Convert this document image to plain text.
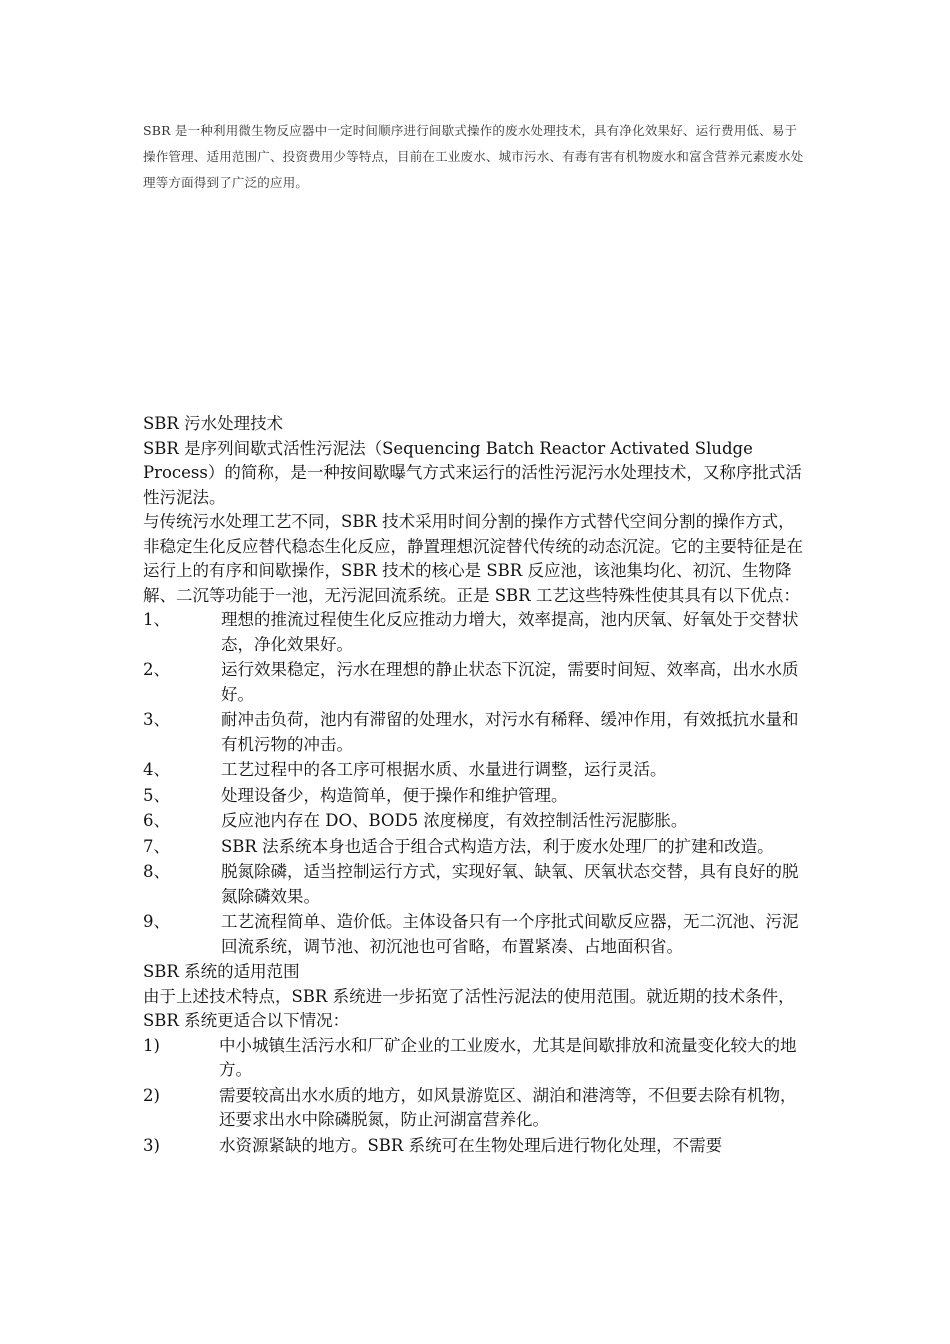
SBR 是一种利用微生物反应器中一定时间顺序进行间歇式操作的废水处理技术，具有净化效果好、运行费用低、易于操作管理、适用范围广、投资费用少等特点，目前在工业废水、城市污水、有毒有害有机物废水和富含营养元素废水处理等方面得到了广泛的应用。

SBR 污水处理技术

SBR 是序列间歇式活性污泥法（Sequencing Batch Reactor Activated Sludge Process）的简称，是一种按间歇曝气方式来运行的活性污泥污水处理技术，又称序批式活性污泥法。

与传统污水处理工艺不同，SBR 技术采用时间分割的操作方式替代空间分割的操作方式，非稳定生化反应替代稳态生化反应，静置理想沉淀替代传统的动态沉淀。它的主要特征是在运行上的有序和间歇操作，SBR 技术的核心是 SBR 反应池，该池集均化、初沉、生物降解、二沉等功能于一池，无污泥回流系统。正是 SBR 工艺这些特殊性使其具有以下优点：

1、	理想的推流过程使生化反应推动力增大，效率提高，池内厌氧、好氧处于交替状态，净化效果好。
2、	运行效果稳定，污水在理想的静止状态下沉淀，需要时间短、效率高，出水水质好。
3、	耐冲击负荷，池内有滞留的处理水，对污水有稀释、缓冲作用，有效抵抗水量和有机污物的冲击。
4、	工艺过程中的各工序可根据水质、水量进行调整，运行灵活。
5、	处理设备少，构造简单，便于操作和维护管理。
6、	反应池内存在 DO、BOD5 浓度梯度，有效控制活性污泥膨胀。
7、	SBR 法系统本身也适合于组合式构造方法，利于废水处理厂的扩建和改造。
8、	脱氮除磷，适当控制运行方式，实现好氧、缺氧、厌氧状态交替，具有良好的脱氮除磷效果。
9、	工艺流程简单、造价低。主体设备只有一个序批式间歇反应器，无二沉池、污泥回流系统，调节池、初沉池也可省略，布置紧凑、占地面积省。

SBR 系统的适用范围

由于上述技术特点，SBR 系统进一步拓宽了活性污泥法的使用范围。就近期的技术条件，SBR 系统更适合以下情况：

1)	中小城镇生活污水和厂矿企业的工业废水，尤其是间歇排放和流量变化较大的地方。
2)	需要较高出水水质的地方，如风景游览区、湖泊和港湾等，不但要去除有机物，还要求出水中除磷脱氮，防止河湖富营养化。
3)	水资源紧缺的地方。SBR 系统可在生物处理后进行物化处理，不需要
